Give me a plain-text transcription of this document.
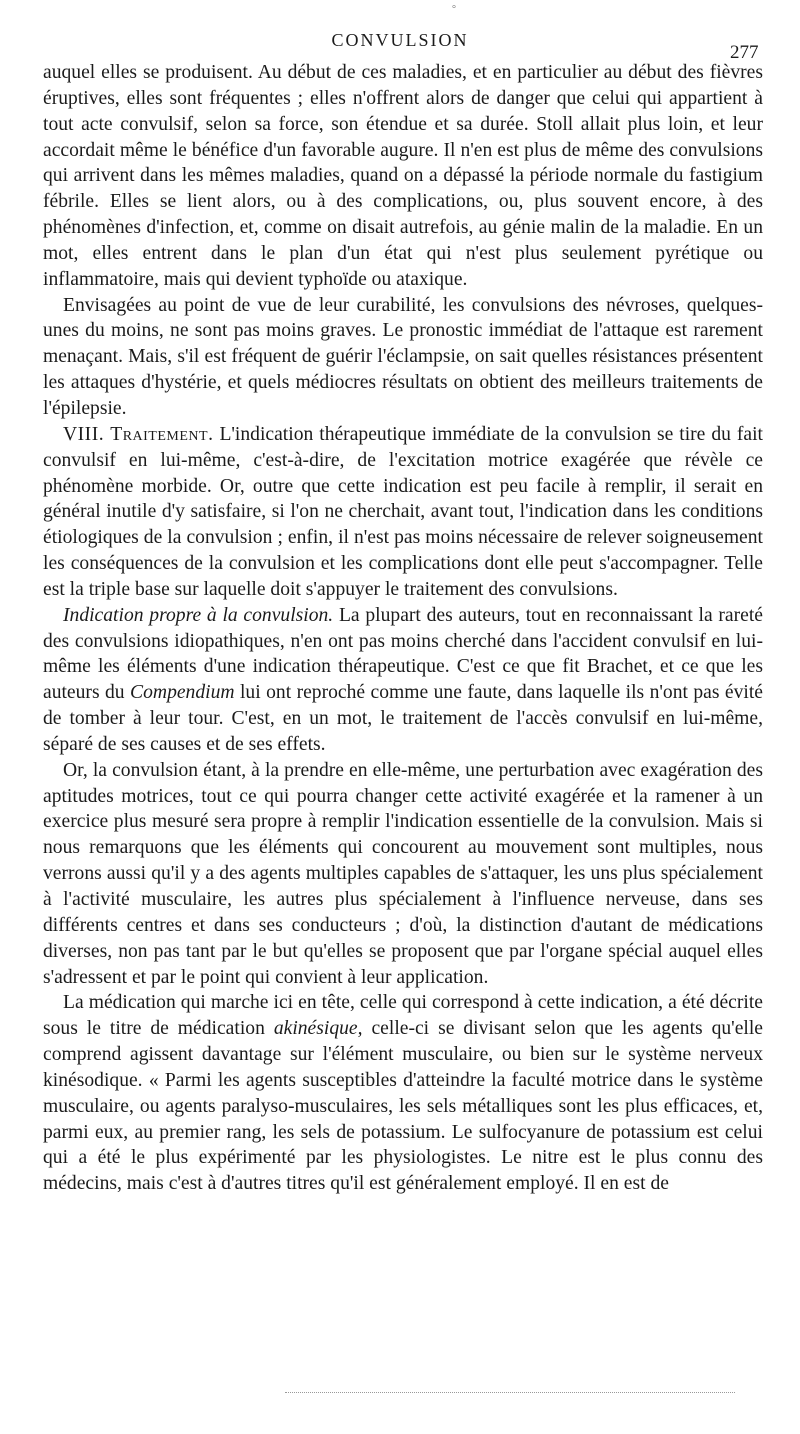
°
CONVULSION
277

auquel elles se produisent. Au début de ces maladies, et en particulier au début des fièvres éruptives, elles sont fréquentes ; elles n'offrent alors de danger que celui qui appartient à tout acte convulsif, selon sa force, son étendue et sa durée. Stoll allait plus loin, et leur accordait même le bénéfice d'un favorable augure. Il n'en est plus de même des convulsions qui arrivent dans les mêmes maladies, quand on a dépassé la période normale du fastigium fébrile. Elles se lient alors, ou à des complications, ou, plus souvent encore, à des phénomènes d'infection, et, comme on disait autrefois, au génie malin de la maladie. En un mot, elles entrent dans le plan d'un état qui n'est plus seulement pyrétique ou inflammatoire, mais qui devient typhoïde ou ataxique.

Envisagées au point de vue de leur curabilité, les convulsions des névroses, quelques-unes du moins, ne sont pas moins graves. Le pronostic immédiat de l'attaque est rarement menaçant. Mais, s'il est fréquent de guérir l'éclampsie, on sait quelles résistances présentent les attaques d'hystérie, et quels médiocres résultats on obtient des meilleurs traitements de l'épilepsie.

VIII. Traitement. L'indication thérapeutique immédiate de la convulsion se tire du fait convulsif en lui-même, c'est-à-dire, de l'excitation motrice exagérée que révèle ce phénomène morbide. Or, outre que cette indication est peu facile à remplir, il serait en général inutile d'y satisfaire, si l'on ne cherchait, avant tout, l'indication dans les conditions étiologiques de la convulsion ; enfin, il n'est pas moins nécessaire de relever soigneusement les conséquences de la convulsion et les complications dont elle peut s'accompagner. Telle est la triple base sur laquelle doit s'appuyer le traitement des convulsions.

Indication propre à la convulsion. La plupart des auteurs, tout en reconnaissant la rareté des convulsions idiopathiques, n'en ont pas moins cherché dans l'accident convulsif en lui-même les éléments d'une indication thérapeutique. C'est ce que fit Brachet, et ce que les auteurs du Compendium lui ont reproché comme une faute, dans laquelle ils n'ont pas évité de tomber à leur tour. C'est, en un mot, le traitement de l'accès convulsif en lui-même, séparé de ses causes et de ses effets.

Or, la convulsion étant, à la prendre en elle-même, une perturbation avec exagération des aptitudes motrices, tout ce qui pourra changer cette activité exagérée et la ramener à un exercice plus mesuré sera propre à remplir l'indication essentielle de la convulsion. Mais si nous remarquons que les éléments qui concourent au mouvement sont multiples, nous verrons aussi qu'il y a des agents multiples capables de s'attaquer, les uns plus spécialement à l'activité musculaire, les autres plus spécialement à l'influence nerveuse, dans ses différents centres et dans ses conducteurs ; d'où, la distinction d'autant de médications diverses, non pas tant par le but qu'elles se proposent que par l'organe spécial auquel elles s'adressent et par le point qui convient à leur application.

La médication qui marche ici en tête, celle qui correspond à cette indication, a été décrite sous le titre de médication akinésique, celle-ci se divisant selon que les agents qu'elle comprend agissent davantage sur l'élément musculaire, ou bien sur le système nerveux kinésodique. « Parmi les agents susceptibles d'atteindre la faculté motrice dans le système musculaire, ou agents paralyso-musculaires, les sels métalliques sont les plus efficaces, et, parmi eux, au premier rang, les sels de potassium. Le sulfocyanure de potassium est celui qui a été le plus expérimenté par les physiologistes. Le nitre est le plus connu des médecins, mais c'est à d'autres titres qu'il est généralement employé. Il en est de
